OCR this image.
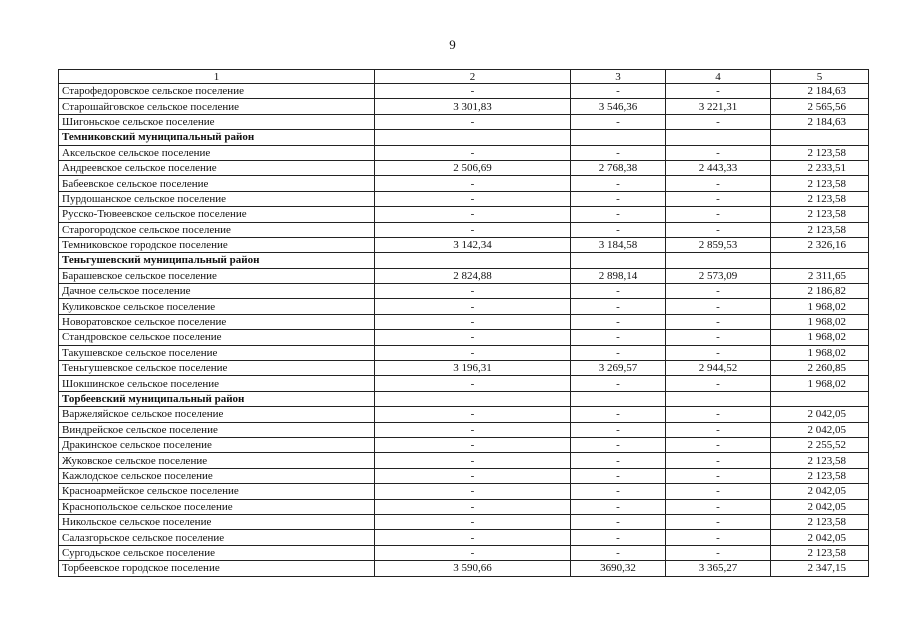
9
1	2	3	4	5
Старофедоровское сельское поселение	-	-	-	2 184,63
Старошайговское сельское поселение	3 301,83	3 546,36	3 221,31	2 565,56
Шигоньское сельское поселение	-	-	-	2 184,63
Темниковский муниципальный район				
Аксельское сельское поселение	-	-	-	2 123,58
Андреевское сельское поселение	2 506,69	2 768,38	2 443,33	2 233,51
Бабеевское сельское поселение	-	-	-	2 123,58
Пурдошанское сельское поселение	-	-	-	2 123,58
Русско-Тювеевское сельское поселение	-	-	-	2 123,58
Старогородское сельское поселение	-	-	-	2 123,58
Темниковское городское поселение	3 142,34	3 184,58	2 859,53	2 326,16
Теньгушевский муниципальный район				
Барашевское сельское поселение	2 824,88	2 898,14	2 573,09	2 311,65
Дачное сельское поселение	-	-	-	2 186,82
Куликовское сельское поселение	-	-	-	1 968,02
Новоратовское сельское поселение	-	-	-	1 968,02
Стандровское сельское поселение	-	-	-	1 968,02
Такушевское сельское поселение	-	-	-	1 968,02
Теньгушевское сельское поселение	3 196,31	3 269,57	2 944,52	2 260,85
Шокшинское сельское поселение	-	-	-	1 968,02
Торбеевский муниципальный район				
Варжеляйское сельское поселение	-	-	-	2 042,05
Виндрейское сельское поселение	-	-	-	2 042,05
Дракинское сельское поселение	-	-	-	2 255,52
Жуковское сельское поселение	-	-	-	2 123,58
Кажлодское сельское поселение	-	-	-	2 123,58
Красноармейское сельское поселение	-	-	-	2 042,05
Краснопольское сельское поселение	-	-	-	2 042,05
Никольское сельское поселение	-	-	-	2 123,58
Салазгорьское сельское поселение	-	-	-	2 042,05
Сургодьское сельское поселение	-	-	-	2 123,58
Торбеевское городское поселение	3 590,66	3690,32	3 365,27	2 347,15
